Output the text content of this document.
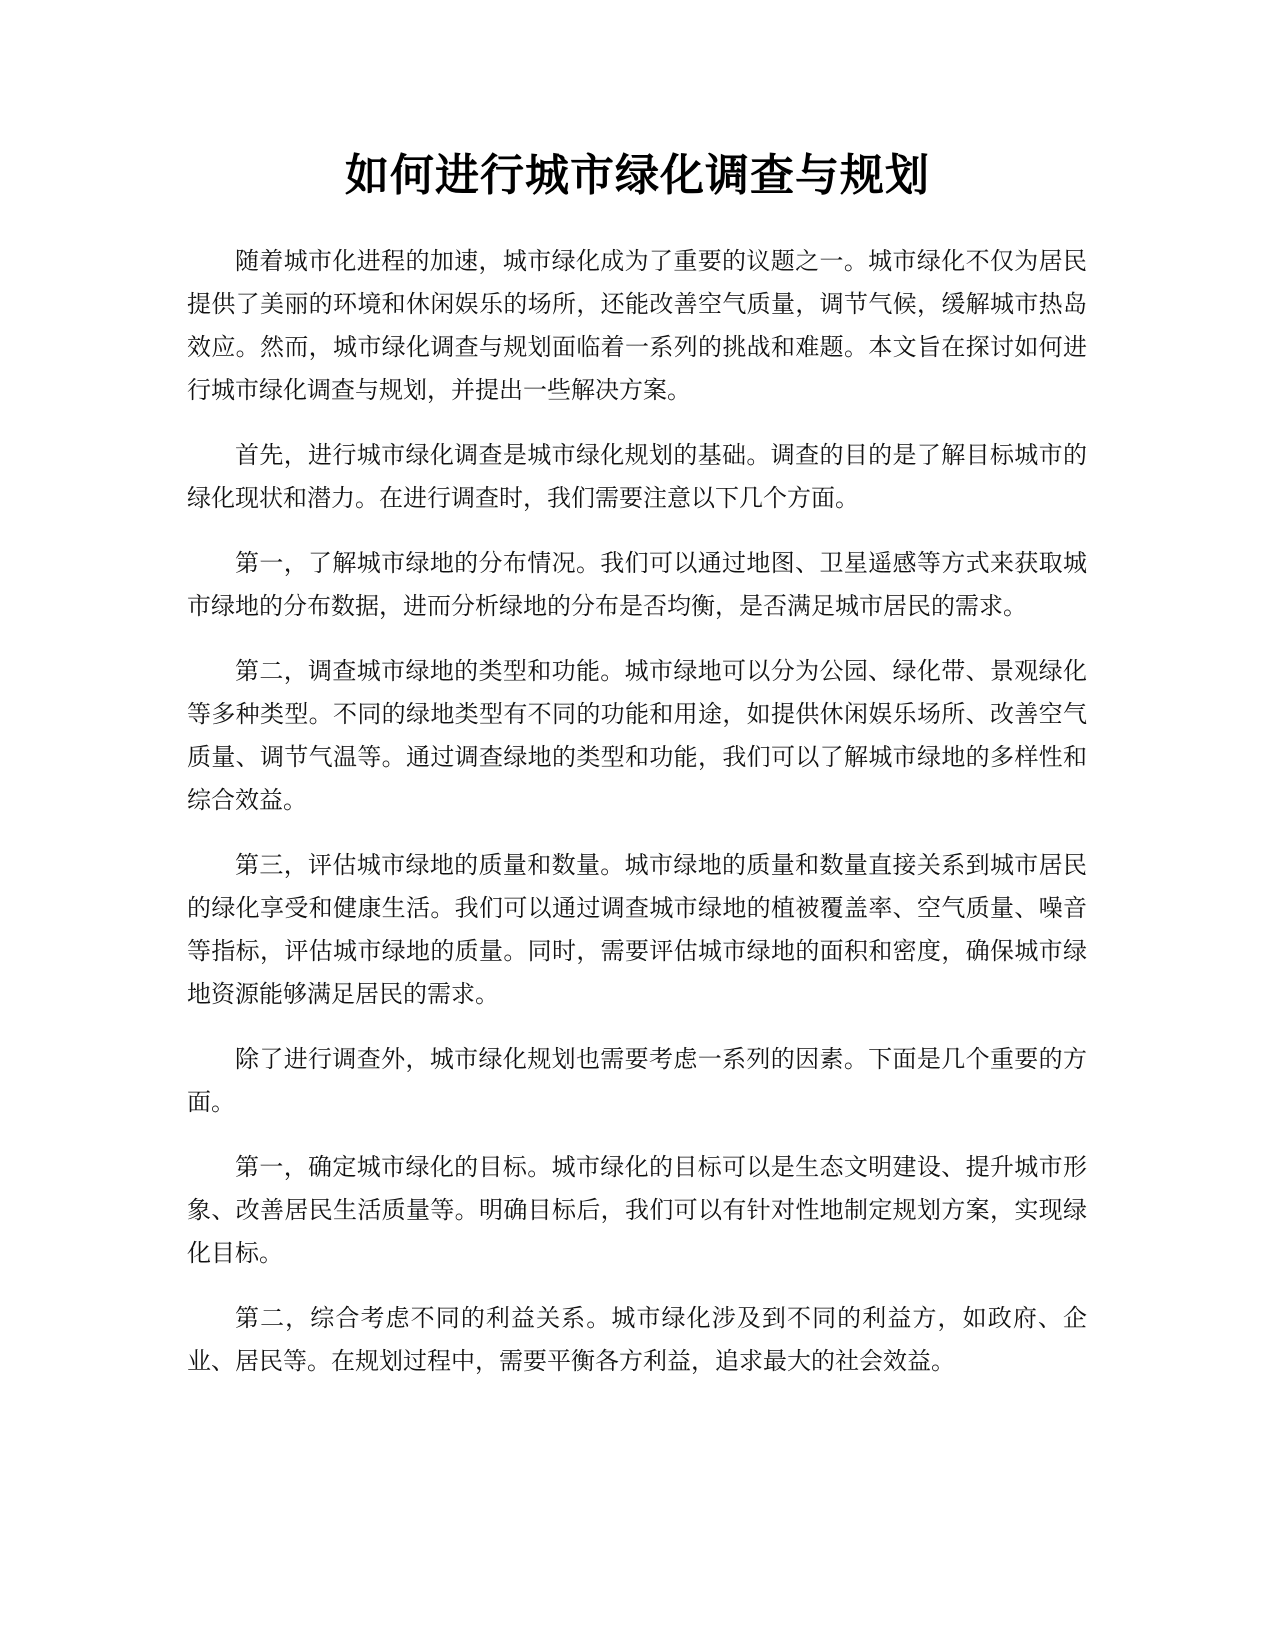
如何进行城市绿化调查与规划

随着城市化进程的加速，城市绿化成为了重要的议题之一。城市绿化不仅为居民提供了美丽的环境和休闲娱乐的场所，还能改善空气质量，调节气候，缓解城市热岛效应。然而，城市绿化调查与规划面临着一系列的挑战和难题。本文旨在探讨如何进行城市绿化调查与规划，并提出一些解决方案。

首先，进行城市绿化调查是城市绿化规划的基础。调查的目的是了解目标城市的绿化现状和潜力。在进行调查时，我们需要注意以下几个方面。

第一，了解城市绿地的分布情况。我们可以通过地图、卫星遥感等方式来获取城市绿地的分布数据，进而分析绿地的分布是否均衡，是否满足城市居民的需求。

第二，调查城市绿地的类型和功能。城市绿地可以分为公园、绿化带、景观绿化等多种类型。不同的绿地类型有不同的功能和用途，如提供休闲娱乐场所、改善空气质量、调节气温等。通过调查绿地的类型和功能，我们可以了解城市绿地的多样性和综合效益。

第三，评估城市绿地的质量和数量。城市绿地的质量和数量直接关系到城市居民的绿化享受和健康生活。我们可以通过调查城市绿地的植被覆盖率、空气质量、噪音等指标，评估城市绿地的质量。同时，需要评估城市绿地的面积和密度，确保城市绿地资源能够满足居民的需求。

除了进行调查外，城市绿化规划也需要考虑一系列的因素。下面是几个重要的方面。

第一，确定城市绿化的目标。城市绿化的目标可以是生态文明建设、提升城市形象、改善居民生活质量等。明确目标后，我们可以有针对性地制定规划方案，实现绿化目标。

第二，综合考虑不同的利益关系。城市绿化涉及到不同的利益方，如政府、企业、居民等。在规划过程中，需要平衡各方利益，追求最大的社会效益。
